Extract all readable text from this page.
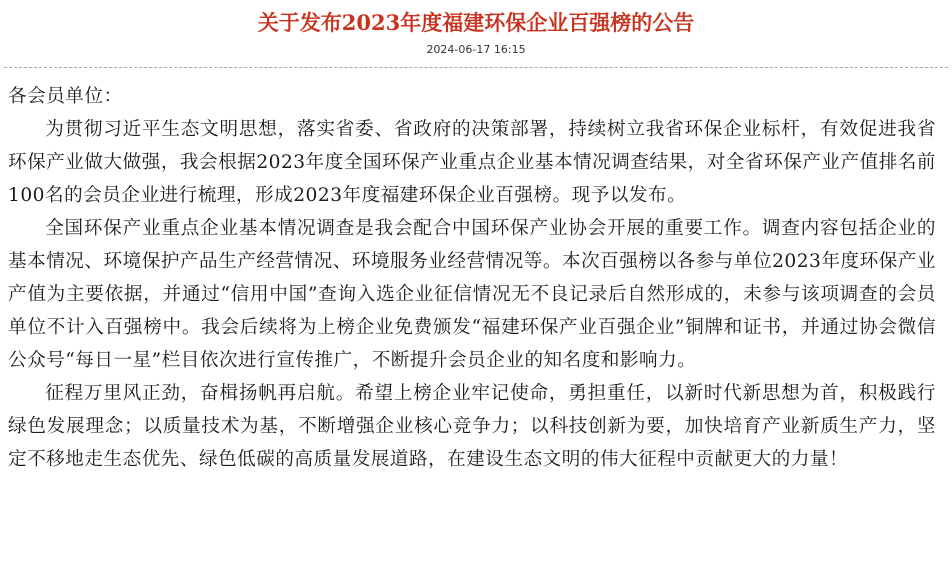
关于发布2023年度福建环保企业百强榜的公告
2024-06-17 16:15

各会员单位：

为贯彻习近平生态文明思想，落实省委、省政府的决策部署，持续树立我省环保企业标杆，有效促进我省环保产业做大做强，我会根据2023年度全国环保产业重点企业基本情况调查结果，对全省环保产业产值排名前100名的会员企业进行梳理，形成2023年度福建环保企业百强榜。现予以发布。

全国环保产业重点企业基本情况调查是我会配合中国环保产业协会开展的重要工作。调查内容包括企业的基本情况、环境保护产品生产经营情况、环境服务业经营情况等。本次百强榜以各参与单位2023年度环保产业产值为主要依据，并通过“信用中国”查询入选企业征信情况无不良记录后自然形成的，未参与该项调查的会员单位不计入百强榜中。我会后续将为上榜企业免费颁发“福建环保产业百强企业”铜牌和证书，并通过协会微信公众号“每日一星”栏目依次进行宣传推广，不断提升会员企业的知名度和影响力。

征程万里风正劲，奋楫扬帆再启航。希望上榜企业牢记使命，勇担重任，以新时代新思想为首，积极践行绿色发展理念；以质量技术为基，不断增强企业核心竞争力；以科技创新为要，加快培育产业新质生产力，坚定不移地走生态优先、绿色低碳的高质量发展道路，在建设生态文明的伟大征程中贡献更大的力量！
